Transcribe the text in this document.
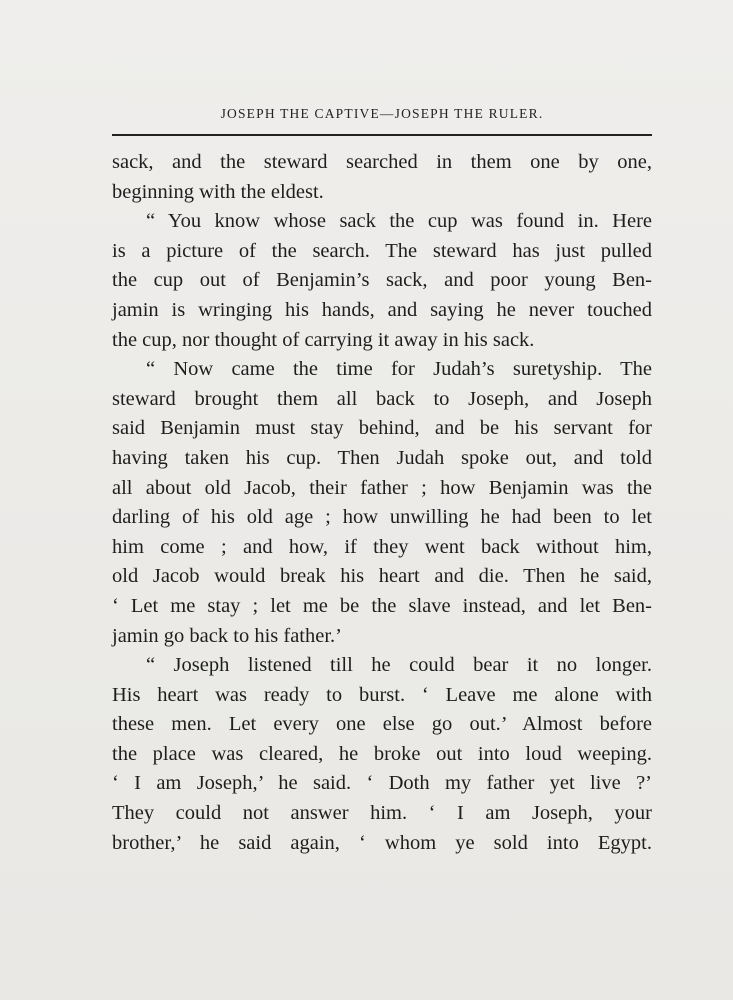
JOSEPH THE CAPTIVE—JOSEPH THE RULER.
sack, and the steward searched in them one by one,
beginning with the eldest.
“ You know whose sack the cup was found in. Here
is a picture of the search. The steward has just pulled
the cup out of Benjamin’s sack, and poor young Ben-
jamin is wringing his hands, and saying he never touched
the cup, nor thought of carrying it away in his sack.
“ Now came the time for Judah’s suretyship. The
steward brought them all back to Joseph, and Joseph
said Benjamin must stay behind, and be his servant for
having taken his cup. Then Judah spoke out, and told
all about old Jacob, their father ; how Benjamin was the
darling of his old age ; how unwilling he had been to let
him come ; and how, if they went back without him,
old Jacob would break his heart and die. Then he said,
‘ Let me stay ; let me be the slave instead, and let Ben-
jamin go back to his father.’
“ Joseph listened till he could bear it no longer.
His heart was ready to burst. ‘ Leave me alone with
these men. Let every one else go out.’ Almost before
the place was cleared, he broke out into loud weeping.
‘ I am Joseph,’ he said. ‘ Doth my father yet live ?’
They could not answer him. ‘ I am Joseph, your
brother,’ he said again, ‘ whom ye sold into Egypt.
